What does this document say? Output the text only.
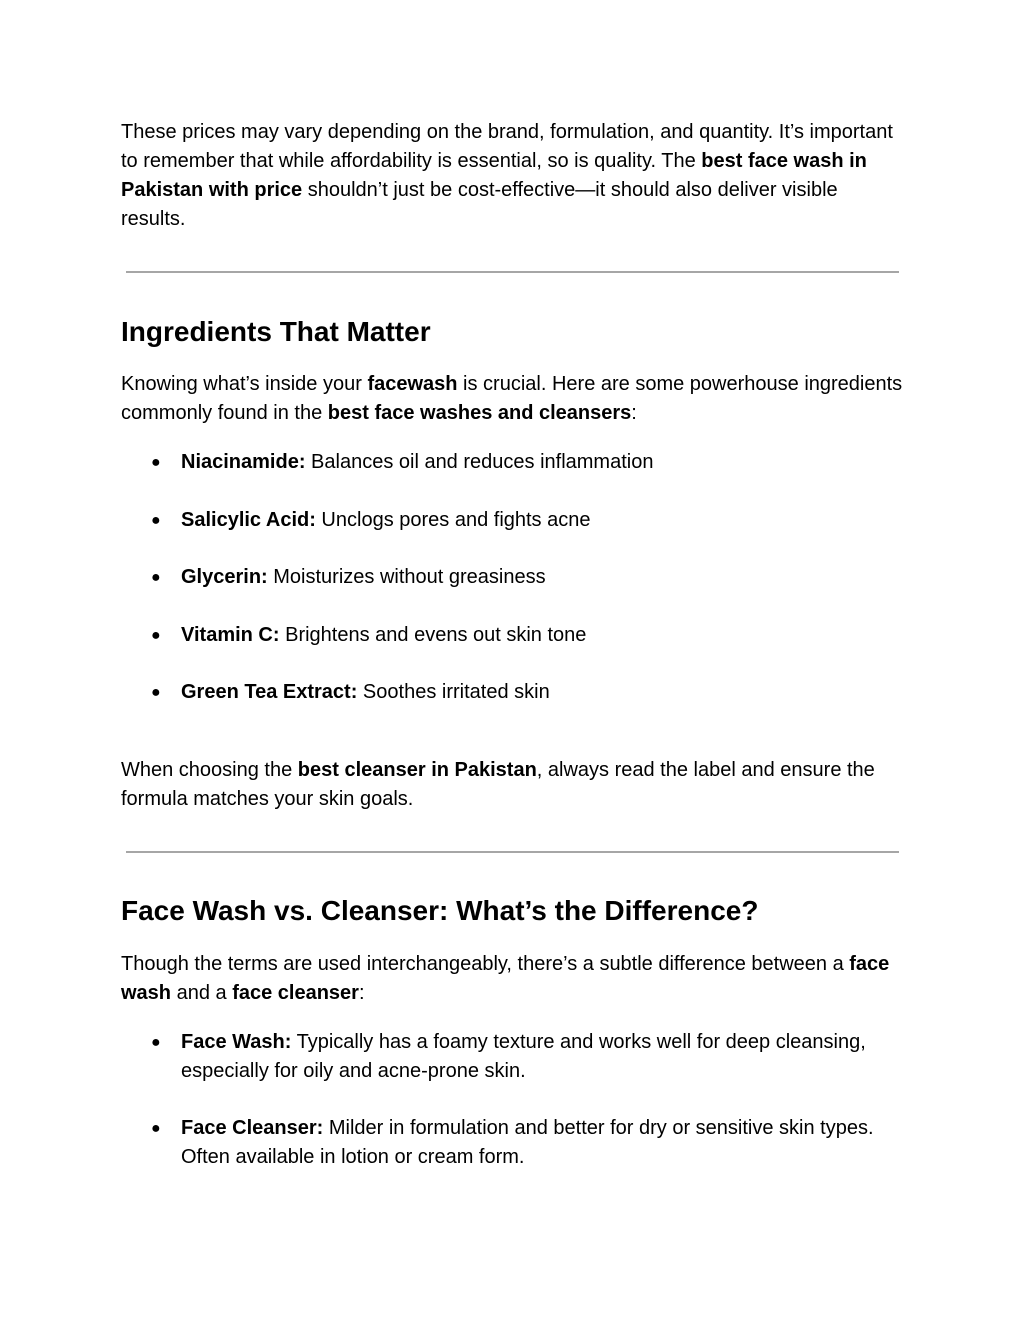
These prices may vary depending on the brand, formulation, and quantity. It’s important to remember that while affordability is essential, so is quality. The best face wash in Pakistan with price shouldn’t just be cost-effective—it should also deliver visible results.

Ingredients That Matter

Knowing what’s inside your facewash is crucial. Here are some powerhouse ingredients commonly found in the best face washes and cleansers:

● Niacinamide: Balances oil and reduces inflammation
● Salicylic Acid: Unclogs pores and fights acne
● Glycerin: Moisturizes without greasiness
● Vitamin C: Brightens and evens out skin tone
● Green Tea Extract: Soothes irritated skin

When choosing the best cleanser in Pakistan, always read the label and ensure the formula matches your skin goals.

Face Wash vs. Cleanser: What’s the Difference?

Though the terms are used interchangeably, there’s a subtle difference between a face wash and a face cleanser:

● Face Wash: Typically has a foamy texture and works well for deep cleansing, especially for oily and acne-prone skin.
● Face Cleanser: Milder in formulation and better for dry or sensitive skin types. Often available in lotion or cream form.
